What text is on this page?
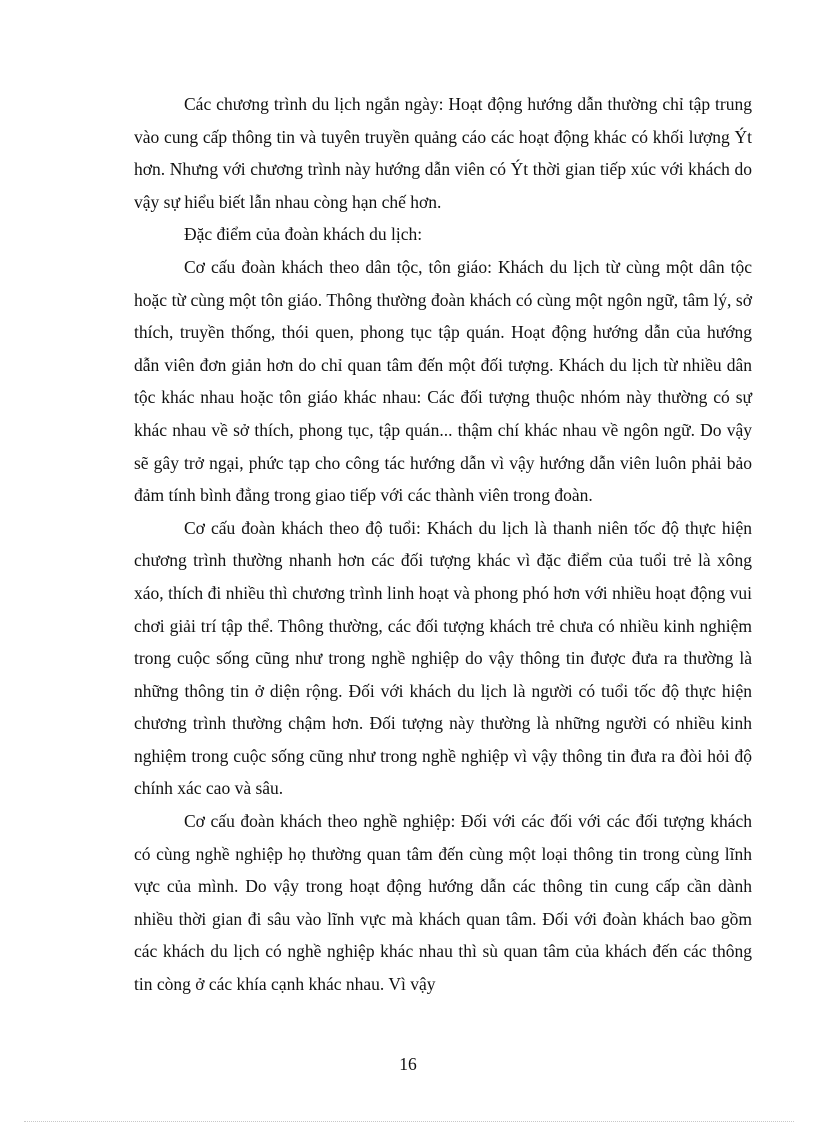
Các chương trình du lịch ngắn ngày: Hoạt động hướng dẫn thường chỉ tập trung vào cung cấp thông tin và tuyên truyền quảng cáo các hoạt động khác có khối lượng Ýt hơn. Nhưng với chương trình này hướng dẫn viên có Ýt thời gian tiếp xúc với khách do vậy sự hiểu biết lẫn nhau còng hạn chế hơn.

Đặc điểm của đoàn khách du lịch:

Cơ cấu đoàn khách theo dân tộc, tôn giáo: Khách du lịch từ cùng một dân tộc hoặc từ cùng một tôn giáo. Thông thường đoàn khách có cùng một ngôn ngữ, tâm lý, sở thích, truyền thống, thói quen, phong tục tập quán. Hoạt động hướng dẫn của hướng dẫn viên đơn giản hơn do chỉ quan tâm đến một đối tượng. Khách du lịch từ nhiều dân tộc khác nhau hoặc tôn giáo khác nhau: Các đối tượng thuộc nhóm này thường có sự khác nhau về sở thích, phong tục, tập quán... thậm chí khác nhau về ngôn ngữ. Do vậy sẽ gây trở ngại, phức tạp cho công tác hướng dẫn vì vậy hướng dẫn viên luôn phải bảo đảm tính bình đẳng trong giao tiếp với các thành viên trong đoàn.

Cơ cấu đoàn khách theo độ tuổi: Khách du lịch là thanh niên tốc độ thực hiện chương trình thường nhanh hơn các đối tượng khác vì đặc điểm của tuổi trẻ là xông xáo, thích đi nhiều thì chương trình linh hoạt và phong phó hơn với nhiều hoạt động vui chơi giải trí tập thể. Thông thường, các đối tượng khách trẻ chưa có nhiều kinh nghiệm trong cuộc sống cũng như trong nghề nghiệp do vậy thông tin được đưa ra thường là những thông tin ở diện rộng. Đối với khách du lịch là người có tuổi tốc độ thực hiện chương trình thường chậm hơn. Đối tượng này thường là những người có nhiều kinh nghiệm trong cuộc sống cũng như trong nghề nghiệp vì vậy thông tin đưa ra đòi hỏi độ chính xác cao và sâu.

Cơ cấu đoàn khách theo nghề nghiệp: Đối với các đối với các đối tượng khách có cùng nghề nghiệp họ thường quan tâm đến cùng một loại thông tin trong cùng lĩnh vực của mình. Do vậy trong hoạt động hướng dẫn các thông tin cung cấp cần dành nhiều thời gian đi sâu vào lĩnh vực mà khách quan tâm. Đối với đoàn khách bao gồm các khách du lịch có nghề nghiệp khác nhau thì sù quan tâm của khách đến các thông tin còng ở các khía cạnh khác nhau. Vì vậy

16
